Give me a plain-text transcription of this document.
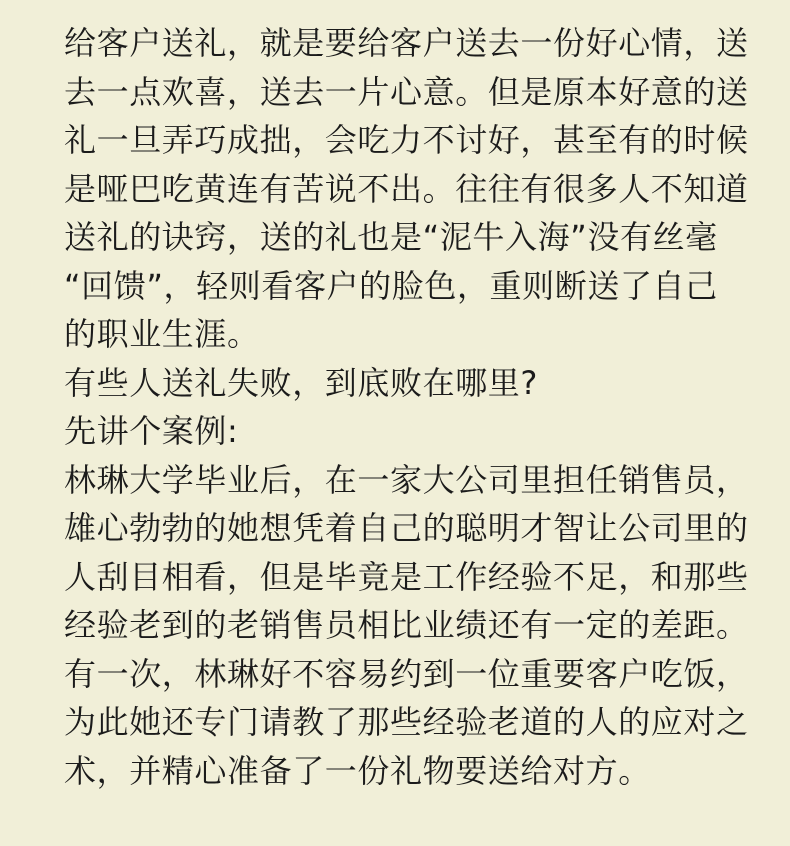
给客户送礼，就是要给客户送去一份好心情，送
去一点欢喜，送去一片心意。但是原本好意的送
礼一旦弄巧成拙，会吃力不讨好，甚至有的时候
是哑巴吃黄连有苦说不出。往往有很多人不知道
送礼的诀窍，送的礼也是“泥牛入海”没有丝毫
“回馈”，轻则看客户的脸色，重则断送了自己
的职业生涯。
有些人送礼失败，到底败在哪里?
先讲个案例:
林琳大学毕业后，在一家大公司里担任销售员，
雄心勃勃的她想凭着自己的聪明才智让公司里的
人刮目相看，但是毕竟是工作经验不足，和那些
经验老到的老销售员相比业绩还有一定的差距。
有一次，林琳好不容易约到一位重要客户吃饭，
为此她还专门请教了那些经验老道的人的应对之
术，并精心准备了一份礼物要送给对方。
